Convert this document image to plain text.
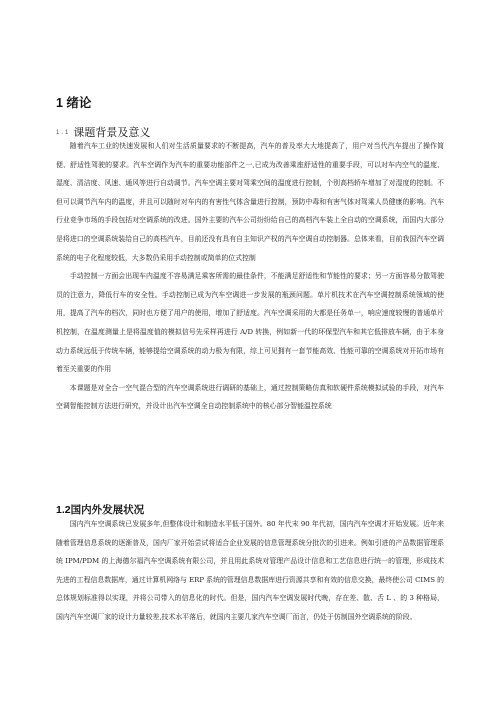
1 绪论
1.1 课题背景及意义

随着汽车工业的快速发展和人们对生活质量要求的不断提高，汽车的普及率大大地提高了，用户对当代汽车提出了操作简便、舒适性驾驶的要求。汽车空调作为汽车的重要功能部件之一,已成为改善乘座舒适性的重要手段，可以对车内空气的温度、湿度、清洁度、风速、通风等进行自动调节。汽车空调主要对驾乘空间的温度进行控制，个别高档轿车增加了对湿度的控制。不但可以调节汽车内的温度，并且可以随时对车内的有害性气体含量进行控制，预防中毒和有害气体对驾乘人员健康的影响。汽车行业竞争市场的手段包括对空调系统的改进。国外主要的汽车公司纷纷给自己的高档汽车装上全自动的空调系统，而国内大部分是将进口的空调系统装给自己的高档汽车，目前还没有具有自主知识产权的汽车空调自动控制器。总体来看，目前我国汽车空调系统的电子化程度较低，大多数仍采用手动控制或简单的位式控制

手动控制一方面会出现车内温度不容易满足乘客所需的最佳条件，不能满足舒适性和节能性的要求；另一方面容易分散驾驶员的注意力，降低行车的安全性。手动控制已成为汽车空调进一步发展的瓶颈问题。单片机技术在汽车空调控制系统领域的使用，提高了汽车的档次，同时也方便了用户的使用，增加了舒适度。汽车空调采用的大都是任务单一，响应速度较慢的普通单片机控制，在温度测量上是将温度值的模拟信号先采样再进行 A/D 转换，例如新一代的环保型汽车和其它低排放车辆，由于本身动力系统远低于传统车辆，能够提给空调系统的动力极为有限，综上可见拥有一套节能高效、性能可靠的空调系统对开拓市场有着至关重要的作用

本课题是对全合一空气混合型的汽车空调系统进行调研的基础上，通过控制策略仿真和软硬件系统模拟试验的手段，对汽车空调智能控制方法进行研究，并设计出汽车空调全自动控制系统中的核心部分智能温控系统

1.2国内外发展状况

国内汽车空调系统已发展多年,但整体设计和制造水平低于国外。80 年代末 90 年代初，国内汽车空调才开始发展。近年来随着管理信息系统的逐渐普及，国内厂家开始尝试将适合企业发展的信息管理系统分批次的引进来。例如引进的产品数据管理系统 IPM/PDM 的上海德尔福汽车空调系统有限公司，并且用此系统对管理产品设计信息和工艺信息进行统一的管理，形成技术先进的工程信息数据库，通过计算机网络与 ERP 系统的管理信息数据库进行资源共享和有效的信息交换，最终使公司 CIMS 的总体规划标准得以实现，并将公司带入的信息化的时代。但是，国内汽车空调发展时代晚，存在差、散、舌 L 、的 3 种格局，国内汽车空调厂家的设计力量较差,技术水平落后，就国内主要几家汽车空调厂而言，仍处于仿制国外空调系统的阶段。
